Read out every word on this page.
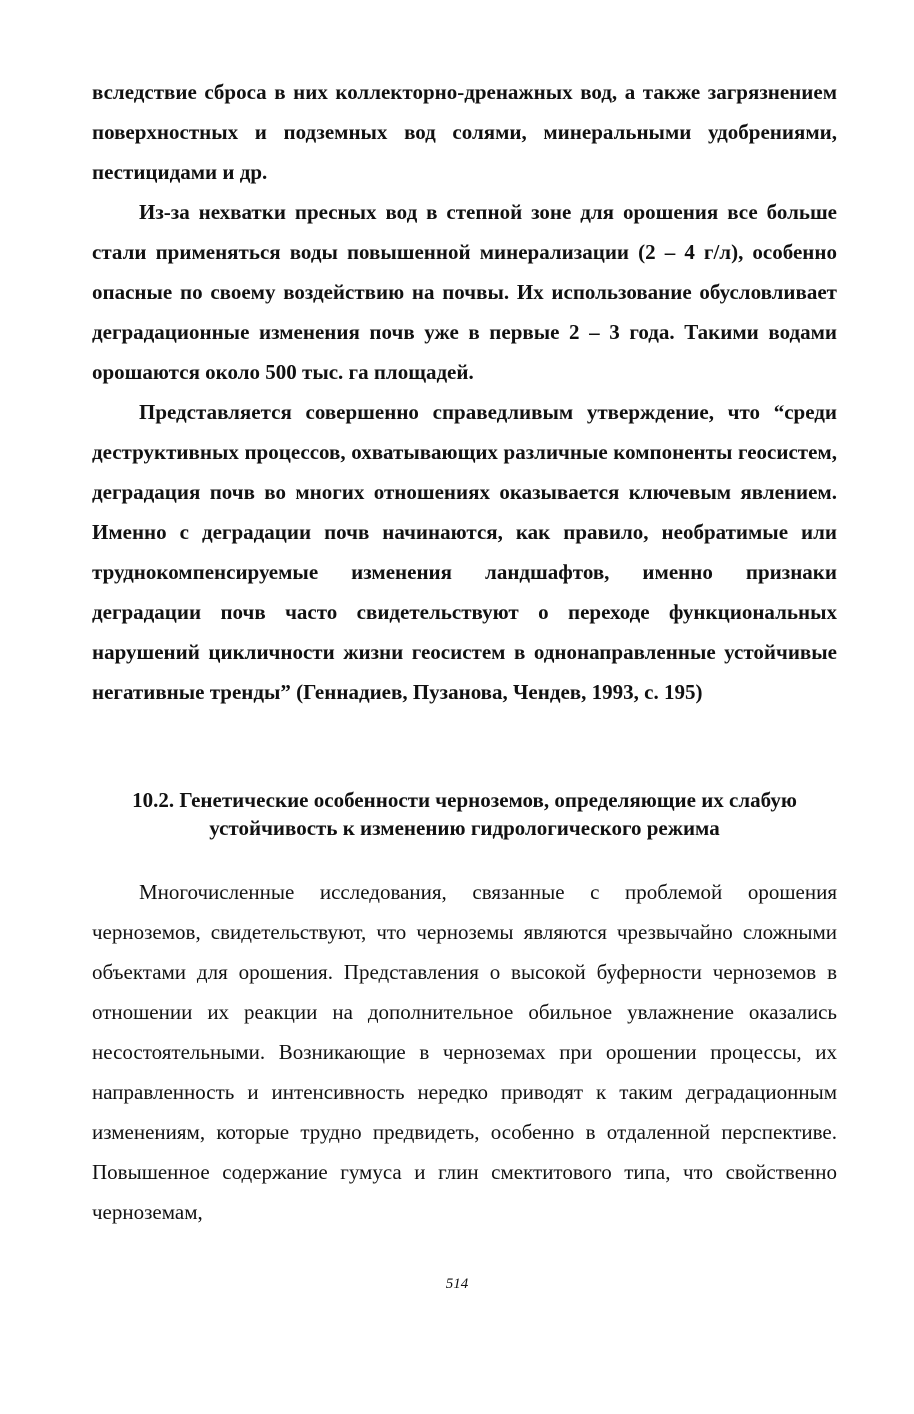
вследствие сброса в них коллекторно-дренажных вод, а также загрязнением поверхностных и подземных вод солями, минеральными удобрениями, пестицидами и др.

Из-за нехватки пресных вод в степной зоне для орошения все больше стали применяться воды повышенной минерализации (2 – 4 г/л), особенно опасные по своему воздействию на почвы. Их использование обусловливает деградационные изменения почв уже в первые 2 – 3 года. Такими водами орошаются около 500 тыс. га площадей.

Представляется совершенно справедливым утверждение, что “среди деструктивных процессов, охватывающих различные компоненты геосистем, деградация почв во многих отношениях оказывается ключевым явлением. Именно с деградации почв начинаются, как правило, необратимые или труднокомпенсируемые изменения ландшафтов, именно признаки деградации почв часто свидетельствуют о переходе функциональных нарушений цикличности жизни геосистем в однонаправленные устойчивые негативные тренды” (Геннадиев, Пузанова, Чендев, 1993, с. 195)

10.2. Генетические особенности черноземов, определяющие их слабую устойчивость к изменению гидрологического режима

Многочисленные исследования, связанные с проблемой орошения черноземов, свидетельствуют, что черноземы являются чрезвычайно сложными объектами для орошения. Представления о высокой буферности черноземов в отношении их реакции на дополнительное обильное увлажнение оказались несостоятельными. Возникающие в черноземах при орошении процессы, их направленность и интенсивность нередко приводят к таким деградационным изменениям, которые трудно предвидеть, особенно в отдаленной перспективе. Повышенное содержание гумуса и глин смектитового типа, что свойственно черноземам,

514
